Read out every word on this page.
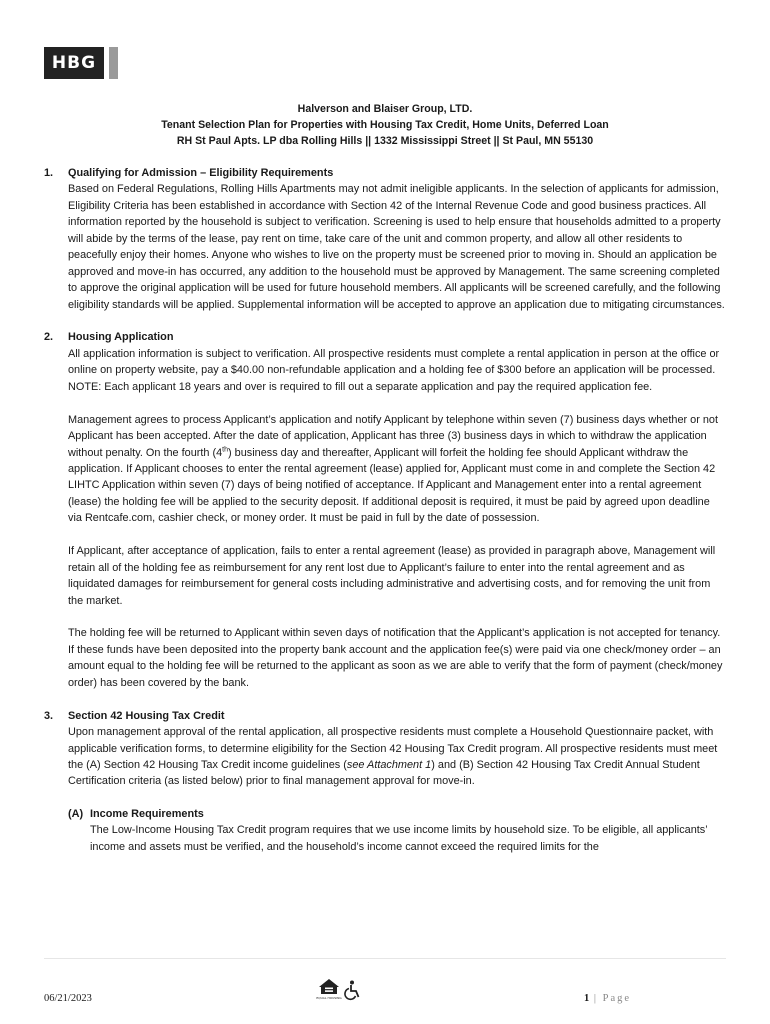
HBG
Halverson and Blaiser Group, LTD.
Tenant Selection Plan for Properties with Housing Tax Credit, Home Units, Deferred Loan
RH St Paul Apts. LP dba Rolling Hills || 1332 Mississippi Street || St Paul, MN 55130
1. Qualifying for Admission – Eligibility Requirements

Based on Federal Regulations, Rolling Hills Apartments may not admit ineligible applicants. In the selection of applicants for admission, Eligibility Criteria has been established in accordance with Section 42 of the Internal Revenue Code and good business practices. All information reported by the household is subject to verification. Screening is used to help ensure that households admitted to a property will abide by the terms of the lease, pay rent on time, take care of the unit and common property, and allow all other residents to peacefully enjoy their homes. Anyone who wishes to live on the property must be screened prior to moving in. Should an application be approved and move-in has occurred, any addition to the household must be approved by Management. The same screening completed to approve the original application will be used for future household members. All applicants will be screened carefully, and the following eligibility standards will be applied. Supplemental information will be accepted to approve an application due to mitigating circumstances.

2. Housing Application

All application information is subject to verification. All prospective residents must complete a rental application in person at the office or online on property website, pay a $40.00 non-refundable application and a holding fee of $300 before an application will be processed. NOTE: Each applicant 18 years and over is required to fill out a separate application and pay the required application fee.

Management agrees to process Applicant’s application and notify Applicant by telephone within seven (7) business days whether or not Applicant has been accepted. After the date of application, Applicant has three (3) business days in which to withdraw the application without penalty. On the fourth (4th) business day and thereafter, Applicant will forfeit the holding fee should Applicant withdraw the application. If Applicant chooses to enter the rental agreement (lease) applied for, Applicant must come in and complete the Section 42 LIHTC Application within seven (7) days of being notified of acceptance. If Applicant and Management enter into a rental agreement (lease) the holding fee will be applied to the security deposit. If additional deposit is required, it must be paid by agreed upon deadline via Rentcafe.com, cashier check, or money order. It must be paid in full by the date of possession.

If Applicant, after acceptance of application, fails to enter a rental agreement (lease) as provided in paragraph above, Management will retain all of the holding fee as reimbursement for any rent lost due to Applicant’s failure to enter into the rental agreement and as liquidated damages for reimbursement for general costs including administrative and advertising costs, and for removing the unit from the market.

The holding fee will be returned to Applicant within seven days of notification that the Applicant’s application is not accepted for tenancy. If these funds have been deposited into the property bank account and the application fee(s) were paid via one check/money order – an amount equal to the holding fee will be returned to the applicant as soon as we are able to verify that the form of payment (check/money order) has been covered by the bank.

3. Section 42 Housing Tax Credit

Upon management approval of the rental application, all prospective residents must complete a Household Questionnaire packet, with applicable verification forms, to determine eligibility for the Section 42 Housing Tax Credit program. All prospective residents must meet the (A) Section 42 Housing Tax Credit income guidelines (see Attachment 1) and (B) Section 42 Housing Tax Credit Annual Student Certification criteria (as listed below) prior to final management approval for move-in.

(A) Income Requirements

The Low-Income Housing Tax Credit program requires that we use income limits by household size. To be eligible, all applicants’ income and assets must be verified, and the household’s income cannot exceed the required limits for the

06/21/2023	EQUAL HOUSING	1 | Page
